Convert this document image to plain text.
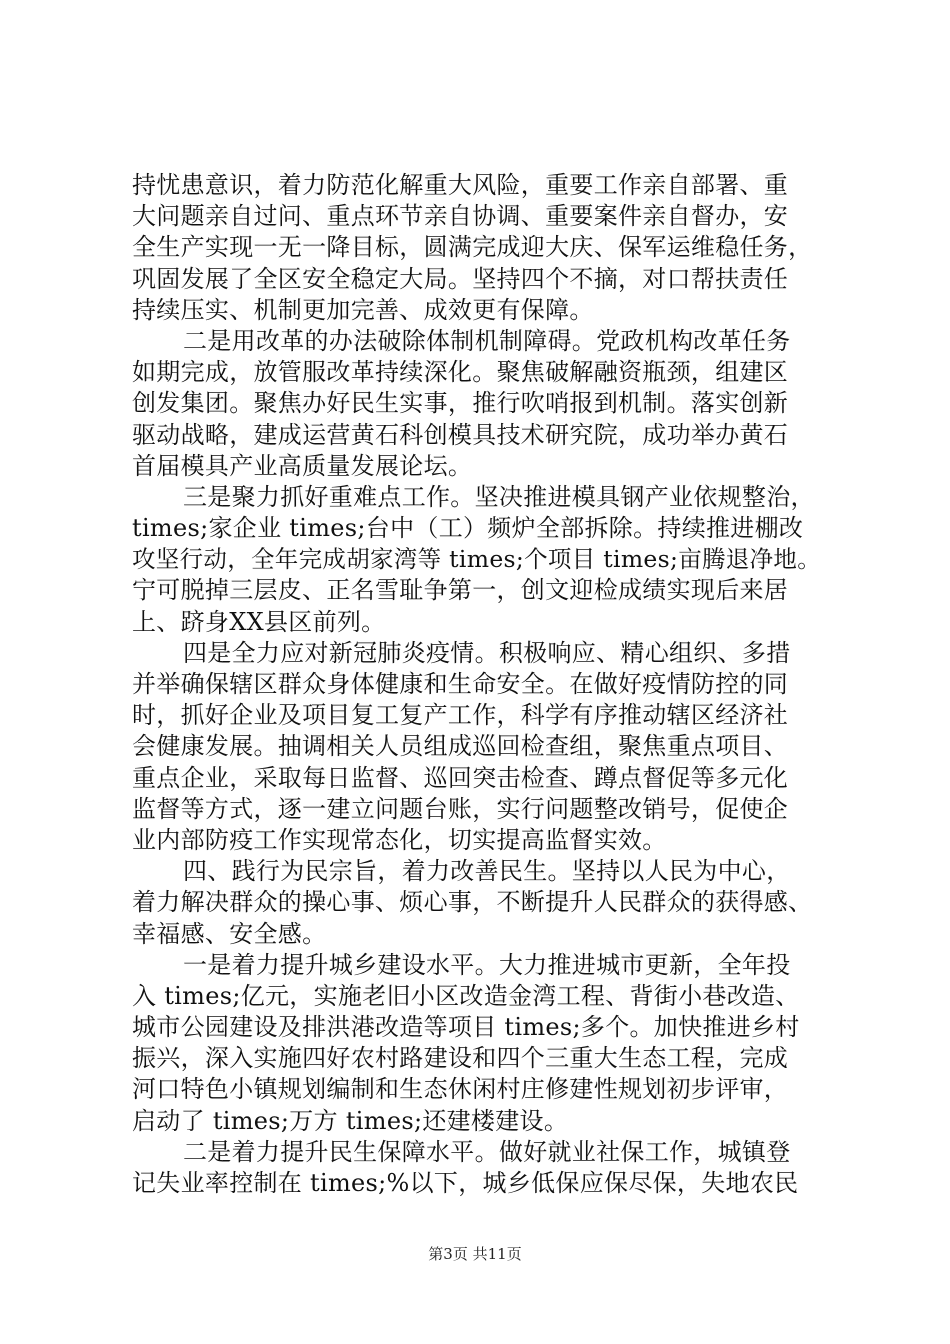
持忧患意识，着力防范化解重大风险，重要工作亲自部署、重
大问题亲自过问、重点环节亲自协调、重要案件亲自督办，安
全生产实现一无一降目标，圆满完成迎大庆、保军运维稳任务，
巩固发展了全区安全稳定大局。坚持四个不摘，对口帮扶责任
持续压实、机制更加完善、成效更有保障。
二是用改革的办法破除体制机制障碍。党政机构改革任务
如期完成，放管服改革持续深化。聚焦破解融资瓶颈，组建区
创发集团。聚焦办好民生实事，推行吹哨报到机制。落实创新
驱动战略，建成运营黄石科创模具技术研究院，成功举办黄石
首届模具产业高质量发展论坛。
三是聚力抓好重难点工作。坚决推进模具钢产业依规整治，
times;家企业 times;台中（工）频炉全部拆除。持续推进棚改
攻坚行动，全年完成胡家湾等 times;个项目 times;亩腾退净地。
宁可脱掉三层皮、正名雪耻争第一，创文迎检成绩实现后来居
上、跻身XX县区前列。
四是全力应对新冠肺炎疫情。积极响应、精心组织、多措
并举确保辖区群众身体健康和生命安全。在做好疫情防控的同
时，抓好企业及项目复工复产工作，科学有序推动辖区经济社
会健康发展。抽调相关人员组成巡回检查组，聚焦重点项目、
重点企业，采取每日监督、巡回突击检查、蹲点督促等多元化
监督等方式，逐一建立问题台账，实行问题整改销号，促使企
业内部防疫工作实现常态化，切实提高监督实效。
四、践行为民宗旨，着力改善民生。坚持以人民为中心，
着力解决群众的操心事、烦心事，不断提升人民群众的获得感、
幸福感、安全感。
一是着力提升城乡建设水平。大力推进城市更新，全年投
入 times;亿元，实施老旧小区改造金湾工程、背街小巷改造、
城市公园建设及排洪港改造等项目 times;多个。加快推进乡村
振兴，深入实施四好农村路建设和四个三重大生态工程，完成
河口特色小镇规划编制和生态休闲村庄修建性规划初步评审，
启动了 times;万方 times;还建楼建设。
二是着力提升民生保障水平。做好就业社保工作，城镇登
记失业率控制在 times;%以下，城乡低保应保尽保，失地农民
第3页 共11页
